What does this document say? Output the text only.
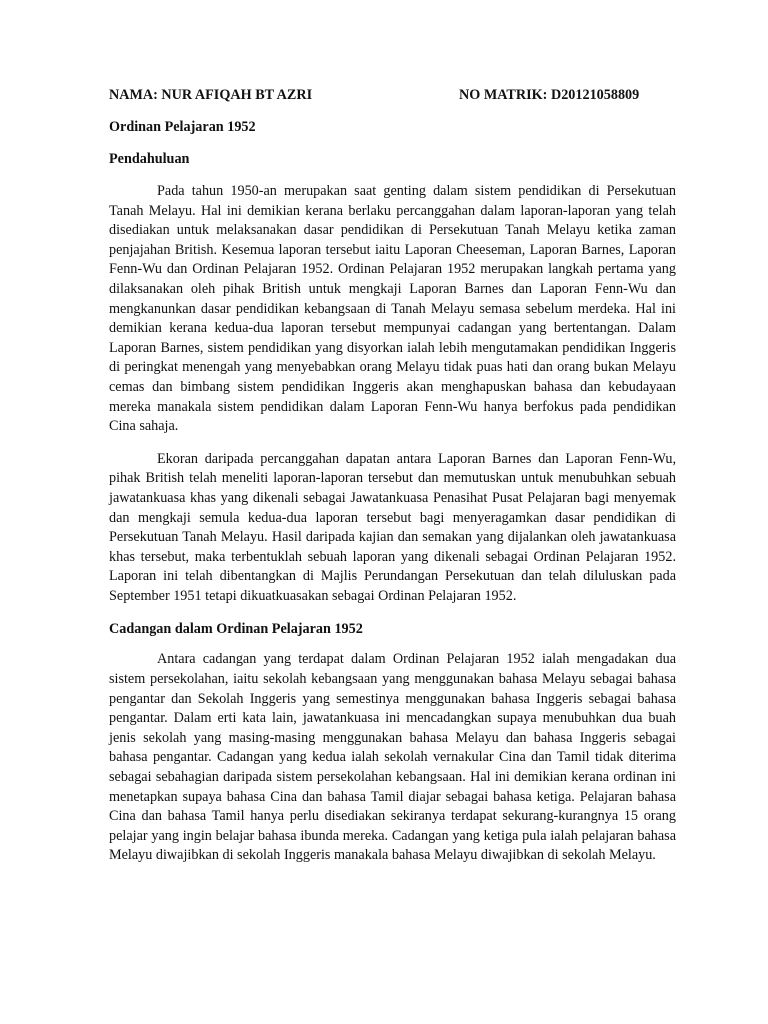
NAMA: NUR AFIQAH BT AZRI	NO MATRIK: D20121058809
Ordinan Pelajaran 1952
Pendahuluan

Pada tahun 1950-an merupakan saat genting dalam sistem pendidikan di Persekutuan Tanah Melayu. Hal ini demikian kerana berlaku percanggahan dalam laporan-laporan yang telah disediakan untuk melaksanakan dasar pendidikan di Persekutuan Tanah Melayu ketika zaman penjajahan British. Kesemua laporan tersebut iaitu Laporan Cheeseman, Laporan Barnes, Laporan Fenn-Wu dan Ordinan Pelajaran 1952. Ordinan Pelajaran 1952 merupakan langkah pertama yang dilaksanakan oleh pihak British untuk mengkaji Laporan Barnes dan Laporan Fenn-Wu dan mengkanunkan dasar pendidikan kebangsaan di Tanah Melayu semasa sebelum merdeka. Hal ini demikian kerana kedua-dua laporan tersebut mempunyai cadangan yang bertentangan. Dalam Laporan Barnes, sistem pendidikan yang disyorkan ialah lebih mengutamakan pendidikan Inggeris di peringkat menengah yang menyebabkan orang Melayu tidak puas hati dan orang bukan Melayu cemas dan bimbang sistem pendidikan Inggeris akan menghapuskan bahasa dan kebudayaan mereka manakala sistem pendidikan dalam Laporan Fenn-Wu hanya berfokus pada pendidikan Cina sahaja.

Ekoran daripada percanggahan dapatan antara Laporan Barnes dan Laporan Fenn-Wu, pihak British telah meneliti laporan-laporan tersebut dan memutuskan untuk menubuhkan sebuah jawatankuasa khas yang dikenali sebagai Jawatankuasa Penasihat Pusat Pelajaran bagi menyemak dan mengkaji semula kedua-dua laporan tersebut bagi menyeragamkan dasar pendidikan di Persekutuan Tanah Melayu. Hasil daripada kajian dan semakan yang dijalankan oleh jawatankuasa khas tersebut, maka terbentuklah sebuah laporan yang dikenali sebagai Ordinan Pelajaran 1952. Laporan ini telah dibentangkan di Majlis Perundangan Persekutuan dan telah diluluskan pada September 1951 tetapi dikuatkuasakan sebagai Ordinan Pelajaran 1952.

Cadangan dalam Ordinan Pelajaran 1952

Antara cadangan yang terdapat dalam Ordinan Pelajaran 1952 ialah mengadakan dua sistem persekolahan, iaitu sekolah kebangsaan yang menggunakan bahasa Melayu sebagai bahasa pengantar dan Sekolah Inggeris yang semestinya menggunakan bahasa Inggeris sebagai bahasa pengantar. Dalam erti kata lain, jawatankuasa ini mencadangkan supaya menubuhkan dua buah jenis sekolah yang masing-masing menggunakan bahasa Melayu dan bahasa Inggeris sebagai bahasa pengantar. Cadangan yang kedua ialah sekolah vernakular Cina dan Tamil tidak diterima sebagai sebahagian daripada sistem persekolahan kebangsaan. Hal ini demikian kerana ordinan ini menetapkan supaya bahasa Cina dan bahasa Tamil diajar sebagai bahasa ketiga. Pelajaran bahasa Cina dan bahasa Tamil hanya perlu disediakan sekiranya terdapat sekurang-kurangnya 15 orang pelajar yang ingin belajar bahasa ibunda mereka. Cadangan yang ketiga pula ialah pelajaran bahasa Melayu diwajibkan di sekolah Inggeris manakala bahasa Melayu diwajibkan di sekolah Melayu.
